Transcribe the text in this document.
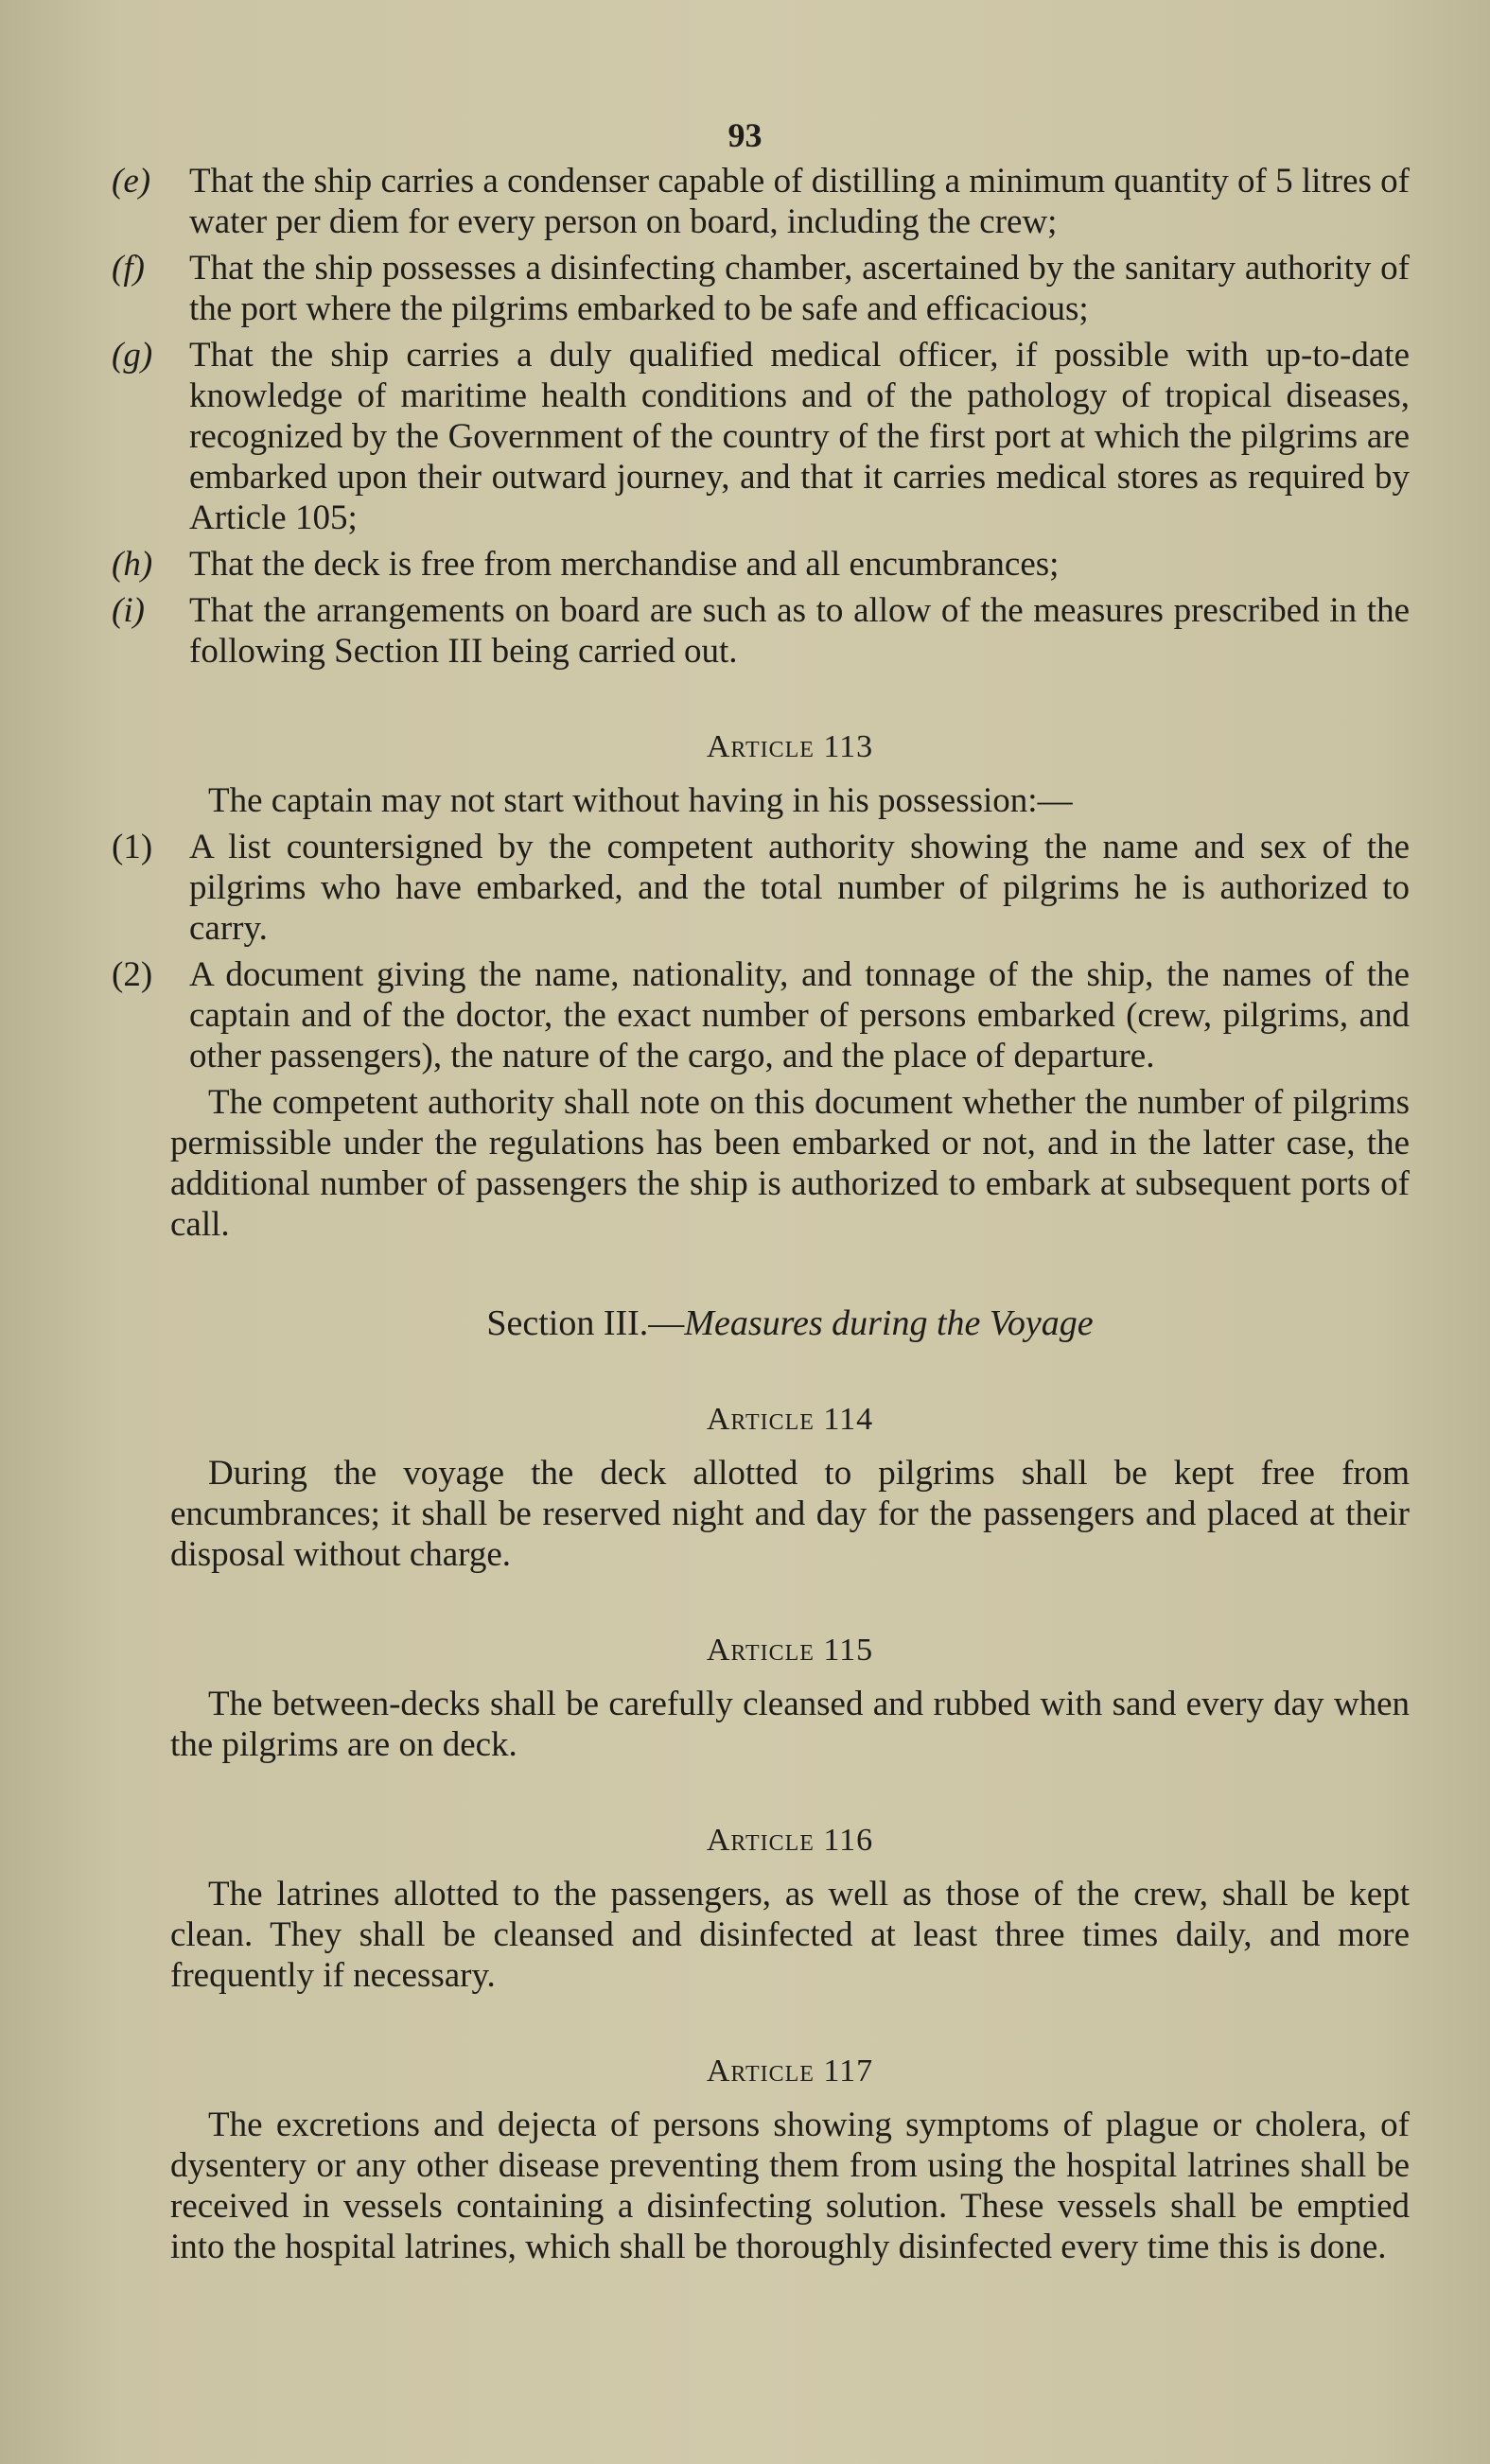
93
(e) That the ship carries a condenser capable of distilling a minimum quantity of 5 litres of water per diem for every person on board, including the crew;
(f) That the ship possesses a disinfecting chamber, ascertained by the sanitary authority of the port where the pilgrims embarked to be safe and efficacious;
(g) That the ship carries a duly qualified medical officer, if possible with up-to-date knowledge of maritime health conditions and of the pathology of tropical diseases, recognized by the Government of the country of the first port at which the pilgrims are embarked upon their outward journey, and that it carries medical stores as required by Article 105;
(h) That the deck is free from merchandise and all encumbrances;
(i) That the arrangements on board are such as to allow of the measures prescribed in the following Section III being carried out.
Article 113

The captain may not start without having in his possession:—

(1) A list countersigned by the competent authority showing the name and sex of the pilgrims who have embarked, and the total number of pilgrims he is authorized to carry.
(2) A document giving the name, nationality, and tonnage of the ship, the names of the captain and of the doctor, the exact number of persons embarked (crew, pilgrims, and other passengers), the nature of the cargo, and the place of departure.

The competent authority shall note on this document whether the number of pilgrims permissible under the regulations has been embarked or not, and in the latter case, the additional number of passengers the ship is authorized to embark at subsequent ports of call.

Section III.—Measures during the Voyage
Article 114

During the voyage the deck allotted to pilgrims shall be kept free from encumbrances; it shall be reserved night and day for the passengers and placed at their disposal without charge.

Article 115

The between-decks shall be carefully cleansed and rubbed with sand every day when the pilgrims are on deck.

Article 116

The latrines allotted to the passengers, as well as those of the crew, shall be kept clean. They shall be cleansed and disinfected at least three times daily, and more frequently if necessary.

Article 117

The excretions and dejecta of persons showing symptoms of plague or cholera, of dysentery or any other disease preventing them from using the hospital latrines shall be received in vessels containing a disinfecting solution. These vessels shall be emptied into the hospital latrines, which shall be thoroughly disinfected every time this is done.
